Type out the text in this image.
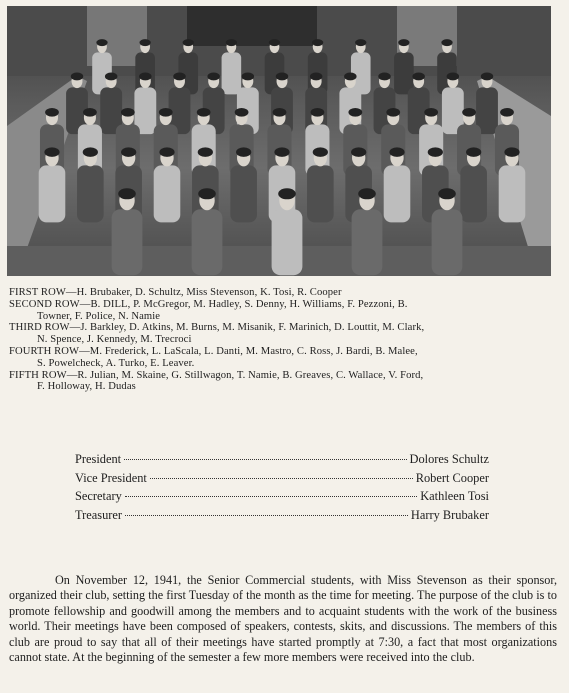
FIRST ROW—H. Brubaker, D. Schultz, Miss Stevenson, K. Tosi, R. Cooper
SECOND ROW—B. DILL, P. McGregor, M. Hadley, S. Denny, H. Williams, F. Pezzoni, B.
Towner, F. Police, N. Namie
THIRD ROW—J. Barkley, D. Atkins, M. Burns, M. Misanik, F. Marinich, D. Louttit, M. Clark,
N. Spence, J. Kennedy, M. Trecroci
FOURTH ROW—M. Frederick, L. LaScala, L. Danti, M. Mastro, C. Ross, J. Bardi, B. Malee,
S. Powelcheck, A. Turko, E. Leaver.
FIFTH ROW—R. Julian, M. Skaine, G. Stillwagon, T. Namie, B. Greaves, C. Wallace, V. Ford,
F. Holloway, H. Dudas
President	Dolores Schultz
Vice President	Robert Cooper
Secretary	Kathleen Tosi
Treasurer	Harry Brubaker

On November 12, 1941, the Senior Commercial students, with Miss Stevenson as their sponsor, organized their club, setting the first Tuesday of the month as the time for meeting. The purpose of the club is to promote fellowship and goodwill among the members and to acquaint students with the work of the business world. Their meetings have been composed of speakers, contests, skits, and discussions. The members of this club are proud to say that all of their meetings have started promptly at 7:30, a fact that most organizations cannot state. At the beginning of the semester a few more members were received into the club.
